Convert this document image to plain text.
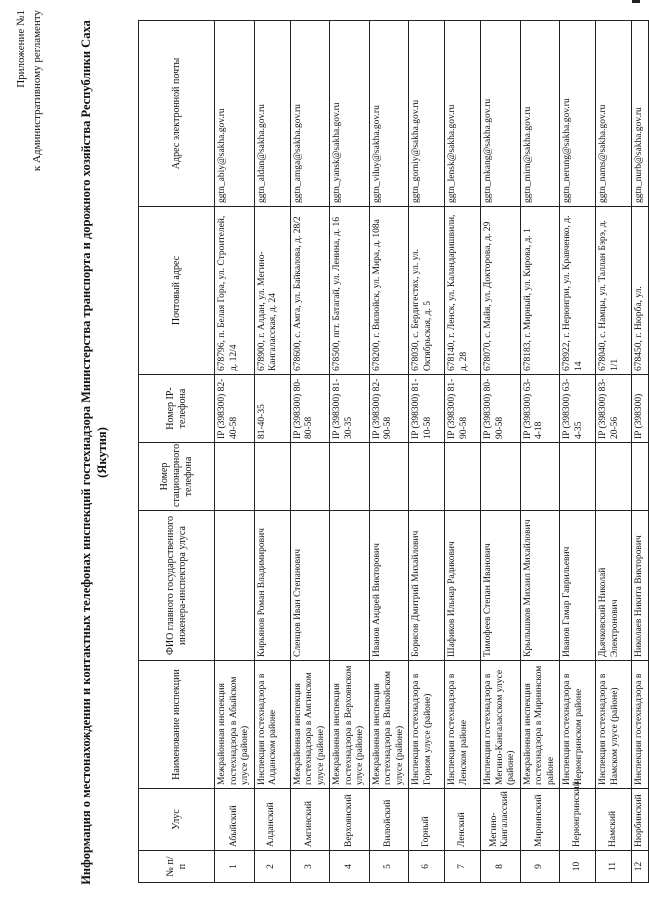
Приложение №1 к Административному регламенту	Информация о местонахождении и контактных телефонах инспекций гостехнадзора Министерства транспорта и дорожного хозяйства Республики Саха (Якутия)
№ п/п	Улус	Наименование инспекции	ФИО главного государственного инженера-инспектора улуса	Номер стационарного телефона	Номер IP-телефона	Почтовый адрес	Адрес электронной почты
1	Абыйский	Межрайонная инспекция гостехнадзора в Абыйском улусе (районе)			IP (398300) 82-40-58	678796, п. Белая Гора, ул. Строителей, д. 12/4	ggtn_abiy@sakha.gov.ru
2	Алданский	Инспекция гостехнадзора в Алданском районе	Кирьянов Роман Владимирович		81-40-35	678900, г. Алдан, ул. Мегино-Кангаласская, д. 24	ggtn_aldan@sakha.gov.ru
3	Амгинский	Межрайонная инспекция гостехнадзора в Амгинском улусе (районе)	Сленцов Иван Степанович		IP (398300) 80-80-58	678600, с. Амга, ул. Байкалова, д. 28/2	ggtn_amga@sakha.gov.ru
4	Верхоянский	Межрайонная инспекция гостехнадзора в Верхоянском улусе (районе)			IP (398300) 81-30-35	678500, пгт. Батагай, ул. Ленина, д. 16	ggtn_yansk@sakha.gov.ru
5	Вилюйский	Межрайонная инспекция гостехнадзора в Вилюйском улусе (районе)	Иванов Андрей Викторович		IP (398300) 82-90-58	678200, г. Вилюйск, ул. Мира, д. 108а	ggtn_viluy@sakha.gov.ru
6	Горный	Инспекция гостехнадзора в Горном улусе (районе)	Борисов Дмитрий Михайлович		IP (398300) 81-10-58	678030, с. Бердигестях, ул. ул. Октябрьская, д. 5	ggtn_gorniy@sakha.gov.ru
7	Ленский	Инспекция гостехнадзора в Ленском районе	Шафиков Ильнар Радикович		IP (398300) 81-90-58	678140, г. Ленск, ул. Каландаришвили, д. 28	ggtn_lensk@sakha.gov.ru
8	Мегино-Кангаласский	Инспекция гостехнадзора в Мегино-Кангаласском улусе (районе)	Тимофеев Степан Иванович		IP (398300) 80-90-58	678070, с. Майя, ул. Докторова, д. 29	ggtn_mkang@sakha.gov.ru
9	Мирнинский	Межрайонная инспекция гостехнадзора в Мирнинском районе	Крылышков Михаил Михайлович		IP (398300) 63-4-18	678183, г. Мирный, ул. Кирова, д. 1	ggtn_mirn@sakha.gov.ru
10	Нерюнгринский	Инспекция гостехнадзора в Нерюнгринском районе	Иванов Гамар Гаврильевич		IP (398300) 63-4-35	678922, г. Нерюнгри, ул. Кравченко, д. 14	ggtn_nerung@sakha.gov.ru
11	Намский	Инспекция гостехнадзора в Намском улусе (районе)	Дьячковский Николай Электронович		IP (398300) 83-20-56	678040, с. Намцы, ул. Таллан Бэрэ, д. 1/1	ggtn_nams@sakha.gov.ru
12	Нюрбинский	Инспекция гостехнадзора в	Николаев Никита Викторович		IP (398300)	678450, г. Нюрба, ул.	ggtn_nurb@sakha.gov.ru
